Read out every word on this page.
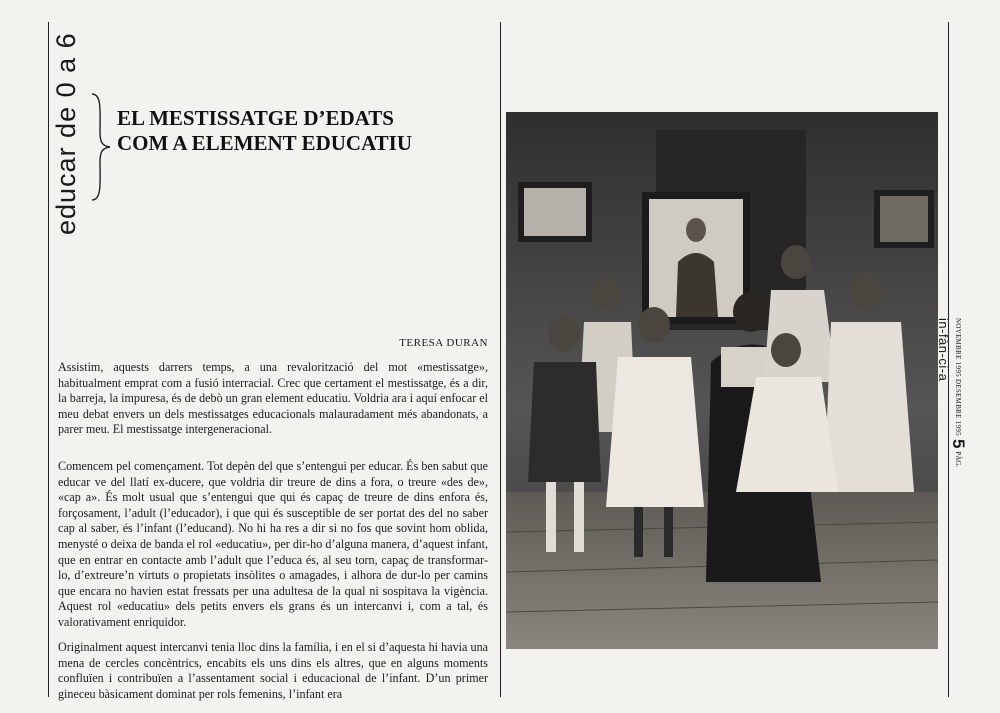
educar de 0 a 6 EL MESTISSATGE D’EDATS
COM A ELEMENT EDUCATIU
TERESA DURAN

Assistim, aquests darrers temps, a una revalorització del mot «mestissatge», habitualment emprat com a fusió interracial. Crec que certament el mestissatge, és a dir, la barreja, la impuresa, és de debò un gran element educatiu. Voldria ara i aquí enfocar el meu debat envers un dels mestissatges educacionals malauradament més abandonats, a parer meu. El mestissatge intergeneracional.

Comencem pel començament. Tot depèn del que s’entengui per educar. És ben sabut que educar ve del llatí ex-ducere, que voldria dir treure de dins a fora, o treure «des de», «cap a». És molt usual que s’entengui que qui és capaç de treure de dins enfora és, forçosament, l’adult (l’educador), i que qui és susceptible de ser portat des del no saber cap al saber, és l’infant (l’educand). No hi ha res a dir si no fos que sovint hom oblida, menysté o deixa de banda el rol «educatiu», per dir-ho d’alguna manera, d’aquest infant, que en entrar en contacte amb l’adult que l’educa és, al seu torn, capaç de transformar-lo, d’extreure’n virtuts o propietats insòlites o amagades, i alhora de dur-lo per camins que encara no havien estat fressats per una adultesa de la qual ni sospitava la vigència. Aquest rol «educatiu» dels petits envers els grans és un intercanvi i, com a tal, és valorativament enriquidor.

Originalment aquest intercanvi tenia lloc dins la família, i en el si d’aquesta hi havia una mena de cercles concèntrics, encabits els uns dins els altres, que en alguns moments confluïen i contribuïen a l’assentament social i educacional de l’infant. D’un primer gineceu bàsicament dominat per rols femenins, l’infant era

NOVEMBRE 1995 DESEMBRE 1995
5
PÀG.
in-fàn-ci-a
